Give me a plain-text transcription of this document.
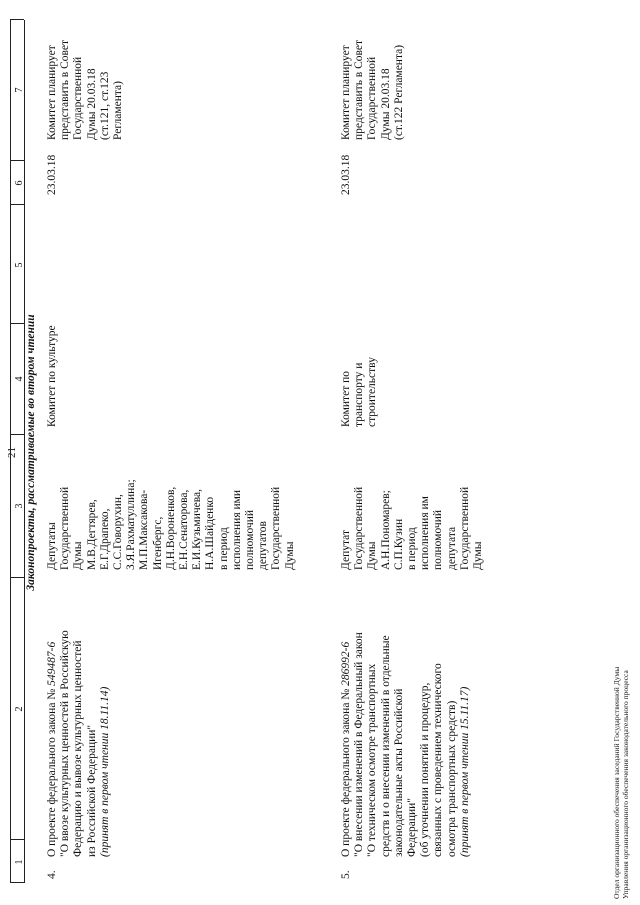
21
1
2
3
4
5
6
7
Законопроекты, рассматриваемые во втором чтении
4.
О проекте федерального закона № 549487-6 "О ввозе культурных ценностей в Российскую Федерацию и вывозе культурных ценностей из Российской Федерации" (принят в первом чтении 18.11.14)
Депутаты Государственной Думы М.В.Дегтярев, Е.Г.Драпеко, С.С.Говорухин, З.Я.Рахматуллина; М.П.Максакова- Игенбергс, Д.Н.Вороненков, Е.Н.Сенаторова, Е.И.Кузьмичева, Н.А.Шайденко в период исполнения ими полномочий депутатов Государственной Думы
Комитет по культуре
23.03.18
Комитет планирует представить в Совет Государственной Думы 20.03.18 (ст.121, ст.123 Регламента)
5.
О проекте федерального закона № 286992-6 "О внесении изменений в Федеральный закон "О техническом осмотре транспортных средств и о внесении изменений в отдельные законодательные акты Российской Федерации" (об уточнении понятий и процедур, связанных с проведением технического осмотра транспортных средств) (принят в первом чтении 15.11.17)
Депутат Государственной Думы А.Н.Пономарев; С.П.Кузин в период исполнения им полномочий депутата Государственной Думы
Комитет по транспорту и строительству
23.03.18
Комитет планирует представить в Совет Государственной Думы 20.03.18 (ст.122 Регламента)
Отдел организационного обеспечения заседаний Государственной Думы Управления организационного обеспечения законодательного процесса
